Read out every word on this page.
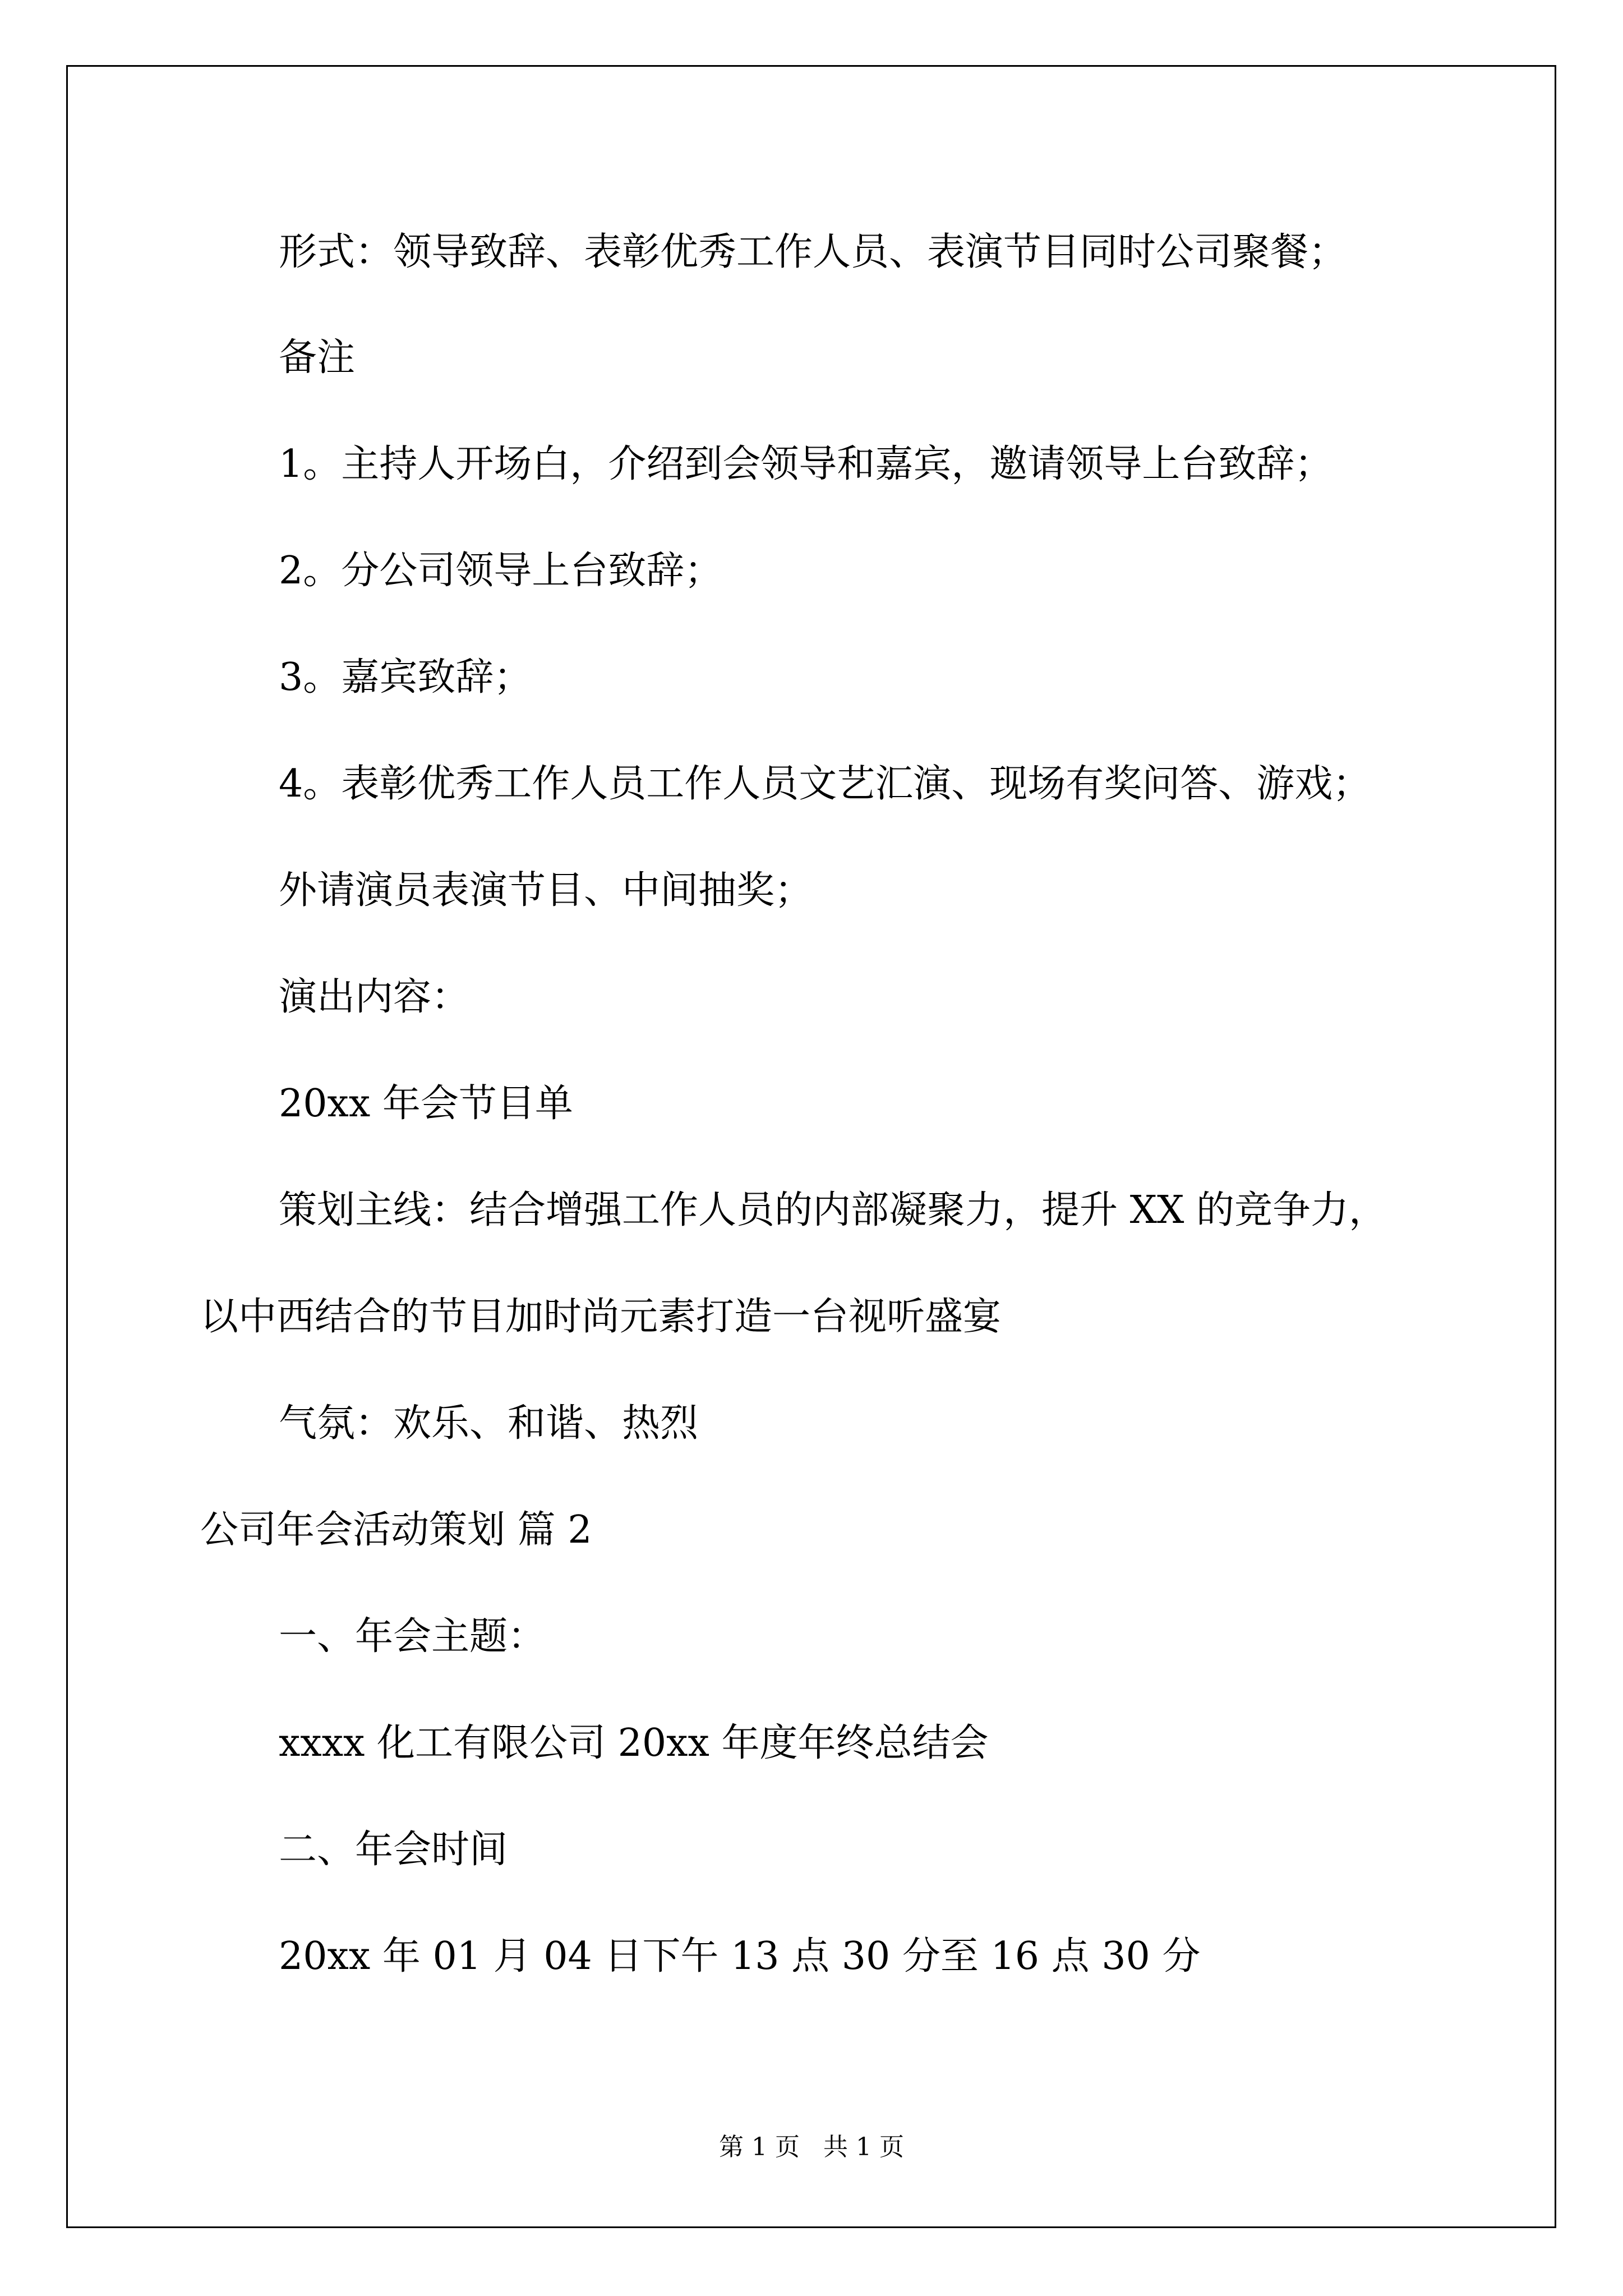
形式：领导致辞、表彰优秀工作人员、表演节目同时公司聚餐；
备注
1。主持人开场白，介绍到会领导和嘉宾，邀请领导上台致辞；
2。分公司领导上台致辞；
3。嘉宾致辞；
4。表彰优秀工作人员工作人员文艺汇演、现场有奖问答、游戏；
外请演员表演节目、中间抽奖；
演出内容：
20xx 年会节目单
策划主线：结合增强工作人员的内部凝聚力，提升 XX 的竞争力，
以中西结合的节目加时尚元素打造一台视听盛宴
气氛：欢乐、和谐、热烈
公司年会活动策划 篇 2
一、年会主题：
xxxx 化工有限公司 20xx 年度年终总结会
二、年会时间
20xx 年 01 月 04 日下午 13 点 30 分至 16 点 30 分
第 1 页   共 1 页
